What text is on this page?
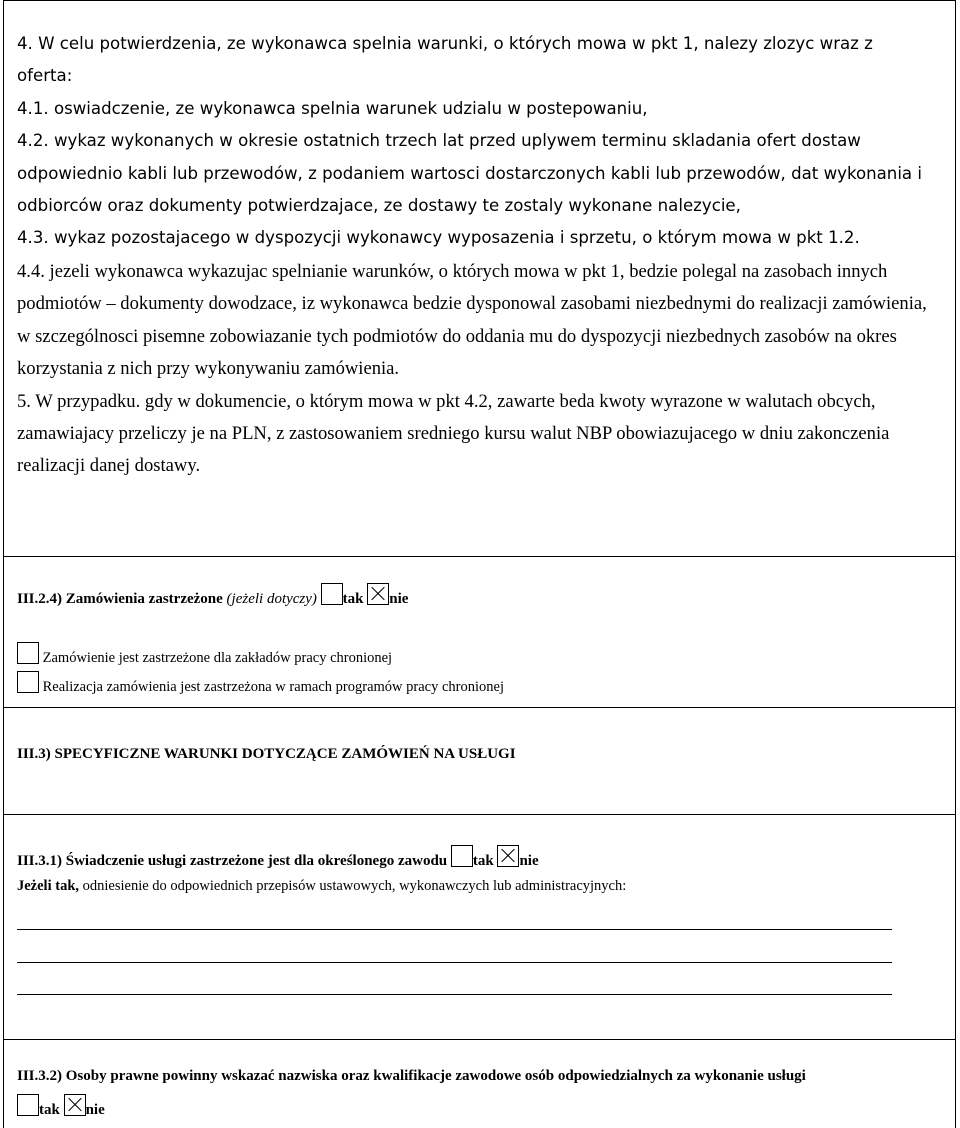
4. W celu potwierdzenia, ze wykonawca spelnia warunki, o których mowa w pkt 1, nalezy zlozyc wraz z oferta:

4.1. oswiadczenie, ze wykonawca spelnia warunek udzialu w postepowaniu,

4.2. wykaz wykonanych w okresie ostatnich trzech lat przed uplywem terminu skladania ofert dostaw odpowiednio kabli lub przewodów, z podaniem wartosci dostarczonych kabli lub przewodów, dat wykonania i odbiorców oraz dokumenty potwierdzajace, ze dostawy te zostaly wykonane nalezycie,

4.3. wykaz pozostajacego w dyspozycji wykonawcy wyposazenia i sprzetu, o którym mowa w pkt 1.2.

4.4. jezeli wykonawca wykazujac spelnianie warunków, o których mowa w pkt 1, bedzie polegal na zasobach innych podmiotów – dokumenty dowodzace, iz wykonawca bedzie dysponowal zasobami niezbednymi do realizacji zamówienia, w szczególnosci pisemne zobowiazanie tych podmiotów do oddania mu do dyspozycji niezbednych zasobów na okres korzystania z nich przy wykonywaniu zamówienia.

5. W przypadku. gdy w dokumencie, o którym mowa w pkt 4.2, zawarte beda kwoty wyrazone w walutach obcych, zamawiajacy przeliczy je na PLN, z zastosowaniem sredniego kursu walut NBP obowiazujacego w dniu zakonczenia realizacji danej dostawy.

III.2.4) Zamówienia zastrzeżone (jeżeli dotyczy) tak nie
Zamówienie jest zastrzeżone dla zakładów pracy chronionej
Realizacja zamówienia jest zastrzeżona w ramach programów pracy chronionej
III.3) SPECYFICZNE WARUNKI DOTYCZĄCE ZAMÓWIEŃ NA USŁUGI
III.3.1) Świadczenie usługi zastrzeżone jest dla określonego zawodu tak nie
Jeżeli tak, odniesienie do odpowiednich przepisów ustawowych, wykonawczych lub administracyjnych:
III.3.2) Osoby prawne powinny wskazać nazwiska oraz kwalifikacje zawodowe osób odpowiedzialnych za wykonanie usługi
tak nie
